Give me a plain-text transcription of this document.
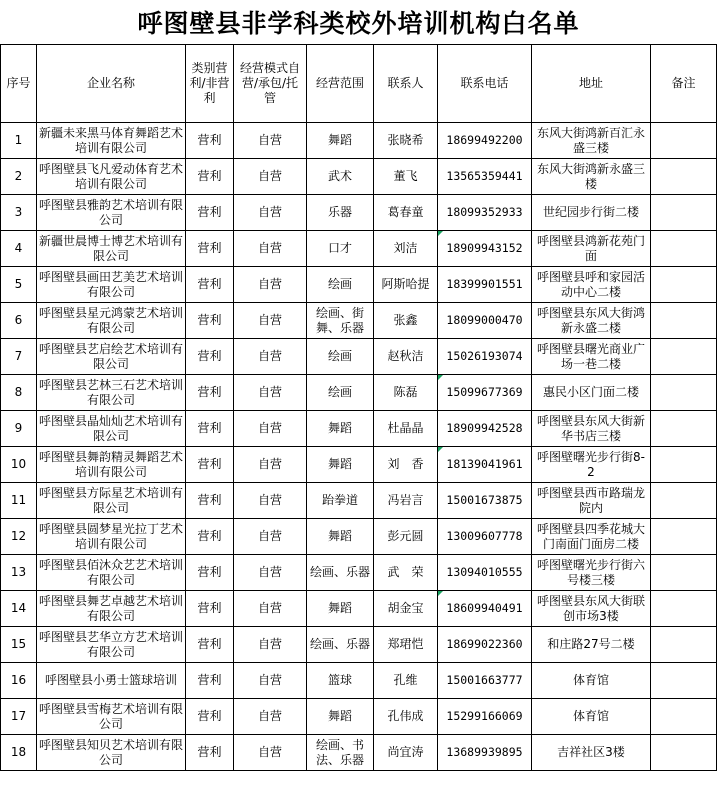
呼图壁县非学科类校外培训机构白名单
序号	企业名称	类别营利/非营利	经营模式自营/承包/托管	经营范围	联系人	联系电话	地址	备注
1	新疆未来黑马体育舞蹈艺术培训有限公司	营利	自营	舞蹈	张晓希	18699492200	东风大街鸿新百汇永盛三楼	
2	呼图壁县飞凡爱动体育艺术培训有限公司	营利	自营	武术	董飞	13565359441	东风大街鸿新永盛三楼	
3	呼图壁县雅韵艺术培训有限公司	营利	自营	乐器	葛春童	18099352933	世纪园步行街二楼	
4	新疆世晨博士博艺术培训有限公司	营利	自营	口才	刘洁	18909943152	呼图壁县鸿新花苑门面	
5	呼图壁县画田艺美艺术培训有限公司	营利	自营	绘画	阿斯哈提	18399901551	呼图壁县呼和家园活动中心二楼	
6	呼图壁县星元鸿蒙艺术培训有限公司	营利	自营	绘画、街舞、乐器	张鑫	18099000470	呼图壁县东风大街鸿新永盛二楼	
7	呼图壁县艺启绘艺术培训有限公司	营利	自营	绘画	赵秋洁	15026193074	呼图壁县曙光商业广场一巷二楼	
8	呼图壁县艺林三石艺术培训有限公司	营利	自营	绘画	陈磊	15099677369	惠民小区门面二楼	
9	呼图壁县晶灿灿艺术培训有限公司	营利	自营	舞蹈	杜晶晶	18909942528	呼图壁县东风大街新华书店三楼	
10	呼图壁县舞韵精灵舞蹈艺术培训有限公司	营利	自营	舞蹈	刘　香	18139041961	呼图壁曙光步行街8-2	
11	呼图壁县方际星艺术培训有限公司	营利	自营	跆拳道	冯岩言	15001673875	呼图壁县西市路瑞龙院内	
12	呼图壁县圆梦星光拉丁艺术培训有限公司	营利	自营	舞蹈	彭元圆	13009607778	呼图壁县四季花城大门南面门面房二楼	
13	呼图壁县佰沐众艺艺术培训有限公司	营利	自营	绘画、乐器	武　荣	13094010555	呼图壁曙光步行街六号楼三楼	
14	呼图壁县舞艺卓越艺术培训有限公司	营利	自营	舞蹈	胡金宝	18609940491	呼图壁县东风大街联创市场3楼	
15	呼图壁县艺华立方艺术培训有限公司	营利	自营	绘画、乐器	郑珺恺	18699022360	和庄路27号二楼	
16	呼图壁县小勇士篮球培训	营利	自营	篮球	孔维	15001663777	体育馆	
17	呼图壁县雪梅艺术培训有限公司	营利	自营	舞蹈	孔伟成	15299166069	体育馆	
18	呼图壁县知贝艺术培训有限公司	营利	自营	绘画、书法、乐器	尚宜涛	13689939895	吉祥社区3楼	
